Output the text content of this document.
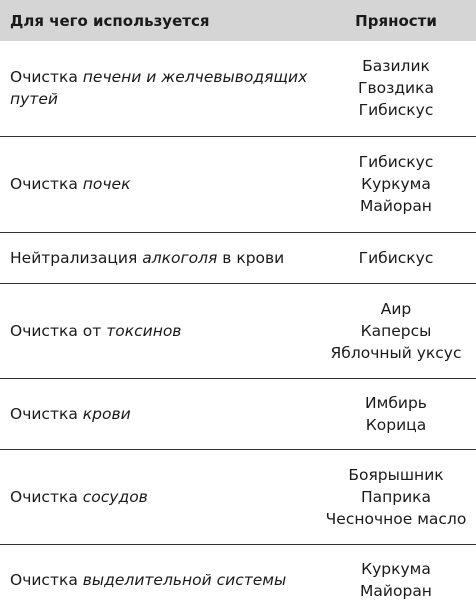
Для чего используется	Пряности
Очистка печени и желчевыводящих путей	Базилик
Гвоздика
Гибискус

Очистка почек	Гибискус
Куркума
Майоран

Нейтрализация алкоголя в крови	Гибискус

Очистка от токсинов	Аир
Каперсы
Яблочный уксус

Очистка крови	Имбирь
Корица

Очистка сосудов	Боярышник
Паприка
Чесночное масло

Очистка выделительной системы	Куркума
Майоран
